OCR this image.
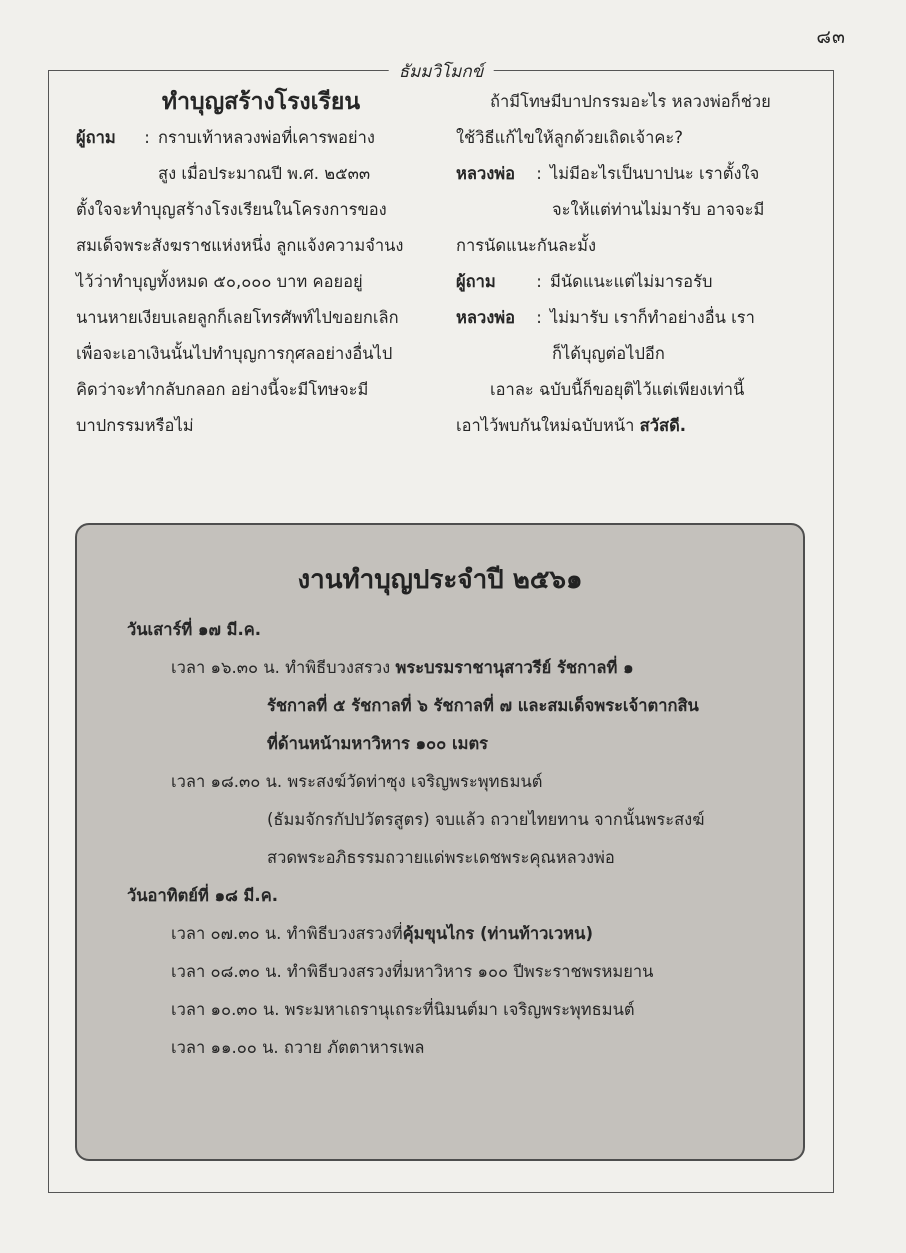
๘๓
ธัมมวิโมกข์
ทำบุญสร้างโรงเรียน
ผู้ถาม	: กราบเท้าหลวงพ่อที่เคารพอย่าง
สูง เมื่อประมาณปี พ.ศ. ๒๕๓๓
ตั้งใจจะทำบุญสร้างโรงเรียนในโครงการของ
สมเด็จพระสังฆราชแห่งหนึ่ง ลูกแจ้งความจำนง
ไว้ว่าทำบุญทั้งหมด ๕๐,๐๐๐ บาท คอยอยู่
นานหายเงียบเลยลูกก็เลยโทรศัพท์ไปขอยกเลิก
เพื่อจะเอาเงินนั้นไปทำบุญการกุศลอย่างอื่นไป
คิดว่าจะทำกลับกลอก อย่างนี้จะมีโทษจะมี
บาปกรรมหรือไม่
ถ้ามีโทษมีบาปกรรมอะไร หลวงพ่อก็ช่วย
ใช้วิธีแก้ไขให้ลูกด้วยเถิดเจ้าคะ?
หลวงพ่อ	: ไม่มีอะไรเป็นบาปนะ เราตั้งใจ
จะให้แต่ท่านไม่มารับ อาจจะมี
การนัดแนะกันละมั้ง
ผู้ถาม	: มีนัดแนะแต่ไม่มารอรับ
หลวงพ่อ	: ไม่มารับ เราก็ทำอย่างอื่น เรา
ก็ได้บุญต่อไปอีก
เอาละ ฉบับนี้ก็ขอยุติไว้แต่เพียงเท่านี้
เอาไว้พบกันใหม่ฉบับหน้า สวัสดี.
งานทำบุญประจำปี ๒๕๖๑
วันเสาร์ที่ ๑๗ มี.ค.
เวลา ๑๖.๓๐ น. ทำพิธีบวงสรวง พระบรมราชานุสาวรีย์ รัชกาลที่ ๑
รัชกาลที่ ๕ รัชกาลที่ ๖ รัชกาลที่ ๗ และสมเด็จพระเจ้าตากสิน
ที่ด้านหน้ามหาวิหาร ๑๐๐ เมตร
เวลา ๑๘.๓๐ น. พระสงฆ์วัดท่าซุง เจริญพระพุทธมนต์
(ธัมมจักรกัปปวัตรสูตร) จบแล้ว ถวายไทยทาน จากนั้นพระสงฆ์
สวดพระอภิธรรมถวายแด่พระเดชพระคุณหลวงพ่อ
วันอาทิตย์ที่ ๑๘ มี.ค.
เวลา ๐๗.๓๐ น. ทำพิธีบวงสรวงที่คุ้มขุนไกร (ท่านท้าวเวหน)
เวลา ๐๘.๓๐ น. ทำพิธีบวงสรวงที่มหาวิหาร ๑๐๐ ปีพระราชพรหมยาน
เวลา ๑๐.๓๐ น. พระมหาเถรานุเถระที่นิมนต์มา เจริญพระพุทธมนต์
เวลา ๑๑.๐๐ น. ถวาย ภัตตาหารเพล
